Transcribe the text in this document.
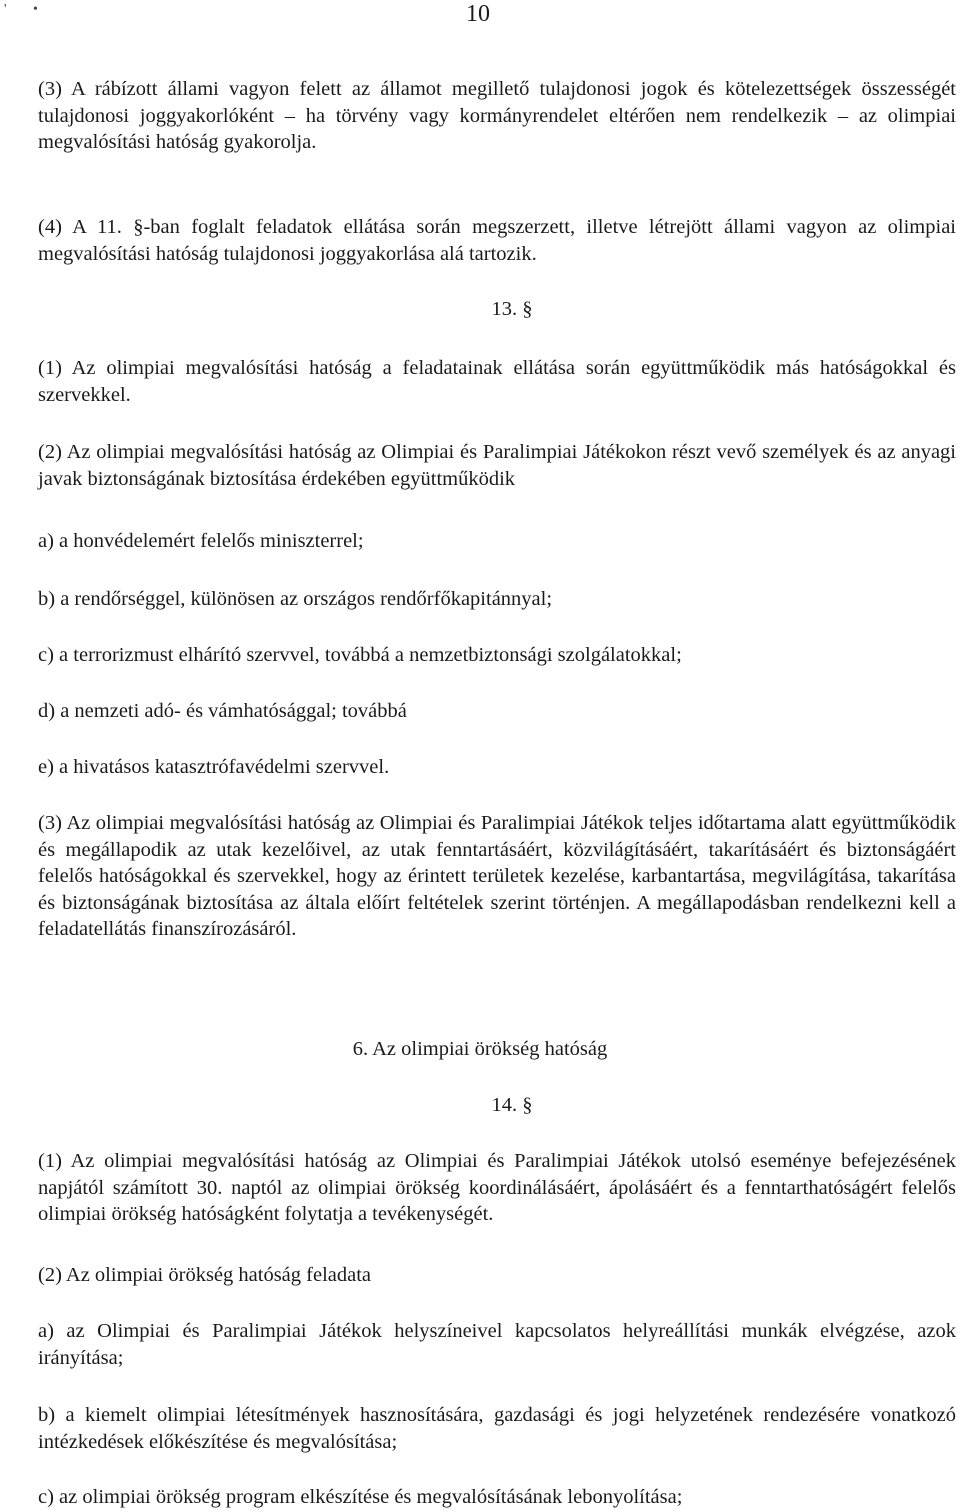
' •	10

(3) A rábízott állami vagyon felett az államot megillető tulajdonosi jogok és kötelezettségek összességét tulajdonosi joggyakorlóként – ha törvény vagy kormányrendelet eltérően nem rendelkezik – az olimpiai megvalósítási hatóság gyakorolja.

(4) A 11. §-ban foglalt feladatok ellátása során megszerzett, illetve létrejött állami vagyon az olimpiai megvalósítási hatóság tulajdonosi joggyakorlása alá tartozik.

13. §

(1) Az olimpiai megvalósítási hatóság a feladatainak ellátása során együttműködik más hatóságokkal és szervekkel.

(2) Az olimpiai megvalósítási hatóság az Olimpiai és Paralimpiai Játékokon részt vevő személyek és az anyagi javak biztonságának biztosítása érdekében együttműködik

a) a honvédelemért felelős miniszterrel;

b) a rendőrséggel, különösen az országos rendőrfőkapitánnyal;

c) a terrorizmust elhárító szervvel, továbbá a nemzetbiztonsági szolgálatokkal;

d) a nemzeti adó- és vámhatósággal; továbbá

e) a hivatásos katasztrófavédelmi szervvel.

(3) Az olimpiai megvalósítási hatóság az Olimpiai és Paralimpiai Játékok teljes időtartama alatt együttműködik és megállapodik az utak kezelőivel, az utak fenntartásáért, közvilágításáért, takarításáért és biztonságáért felelős hatóságokkal és szervekkel, hogy az érintett területek kezelése, karbantartása, megvilágítása, takarítása és biztonságának biztosítása az általa előírt feltételek szerint történjen. A megállapodásban rendelkezni kell a feladatellátás finanszírozásáról.

6. Az olimpiai örökség hatóság

14. §

(1) Az olimpiai megvalósítási hatóság az Olimpiai és Paralimpiai Játékok utolsó eseménye befejezésének napjától számított 30. naptól az olimpiai örökség koordinálásáért, ápolásáért és a fenntarthatóságért felelős olimpiai örökség hatóságként folytatja a tevékenységét.

(2) Az olimpiai örökség hatóság feladata

a) az Olimpiai és Paralimpiai Játékok helyszíneivel kapcsolatos helyreállítási munkák elvégzése, azok irányítása;

b) a kiemelt olimpiai létesítmények hasznosítására, gazdasági és jogi helyzetének rendezésére vonatkozó intézkedések előkészítése és megvalósítása;

c) az olimpiai örökség program elkészítése és megvalósításának lebonyolítása;
